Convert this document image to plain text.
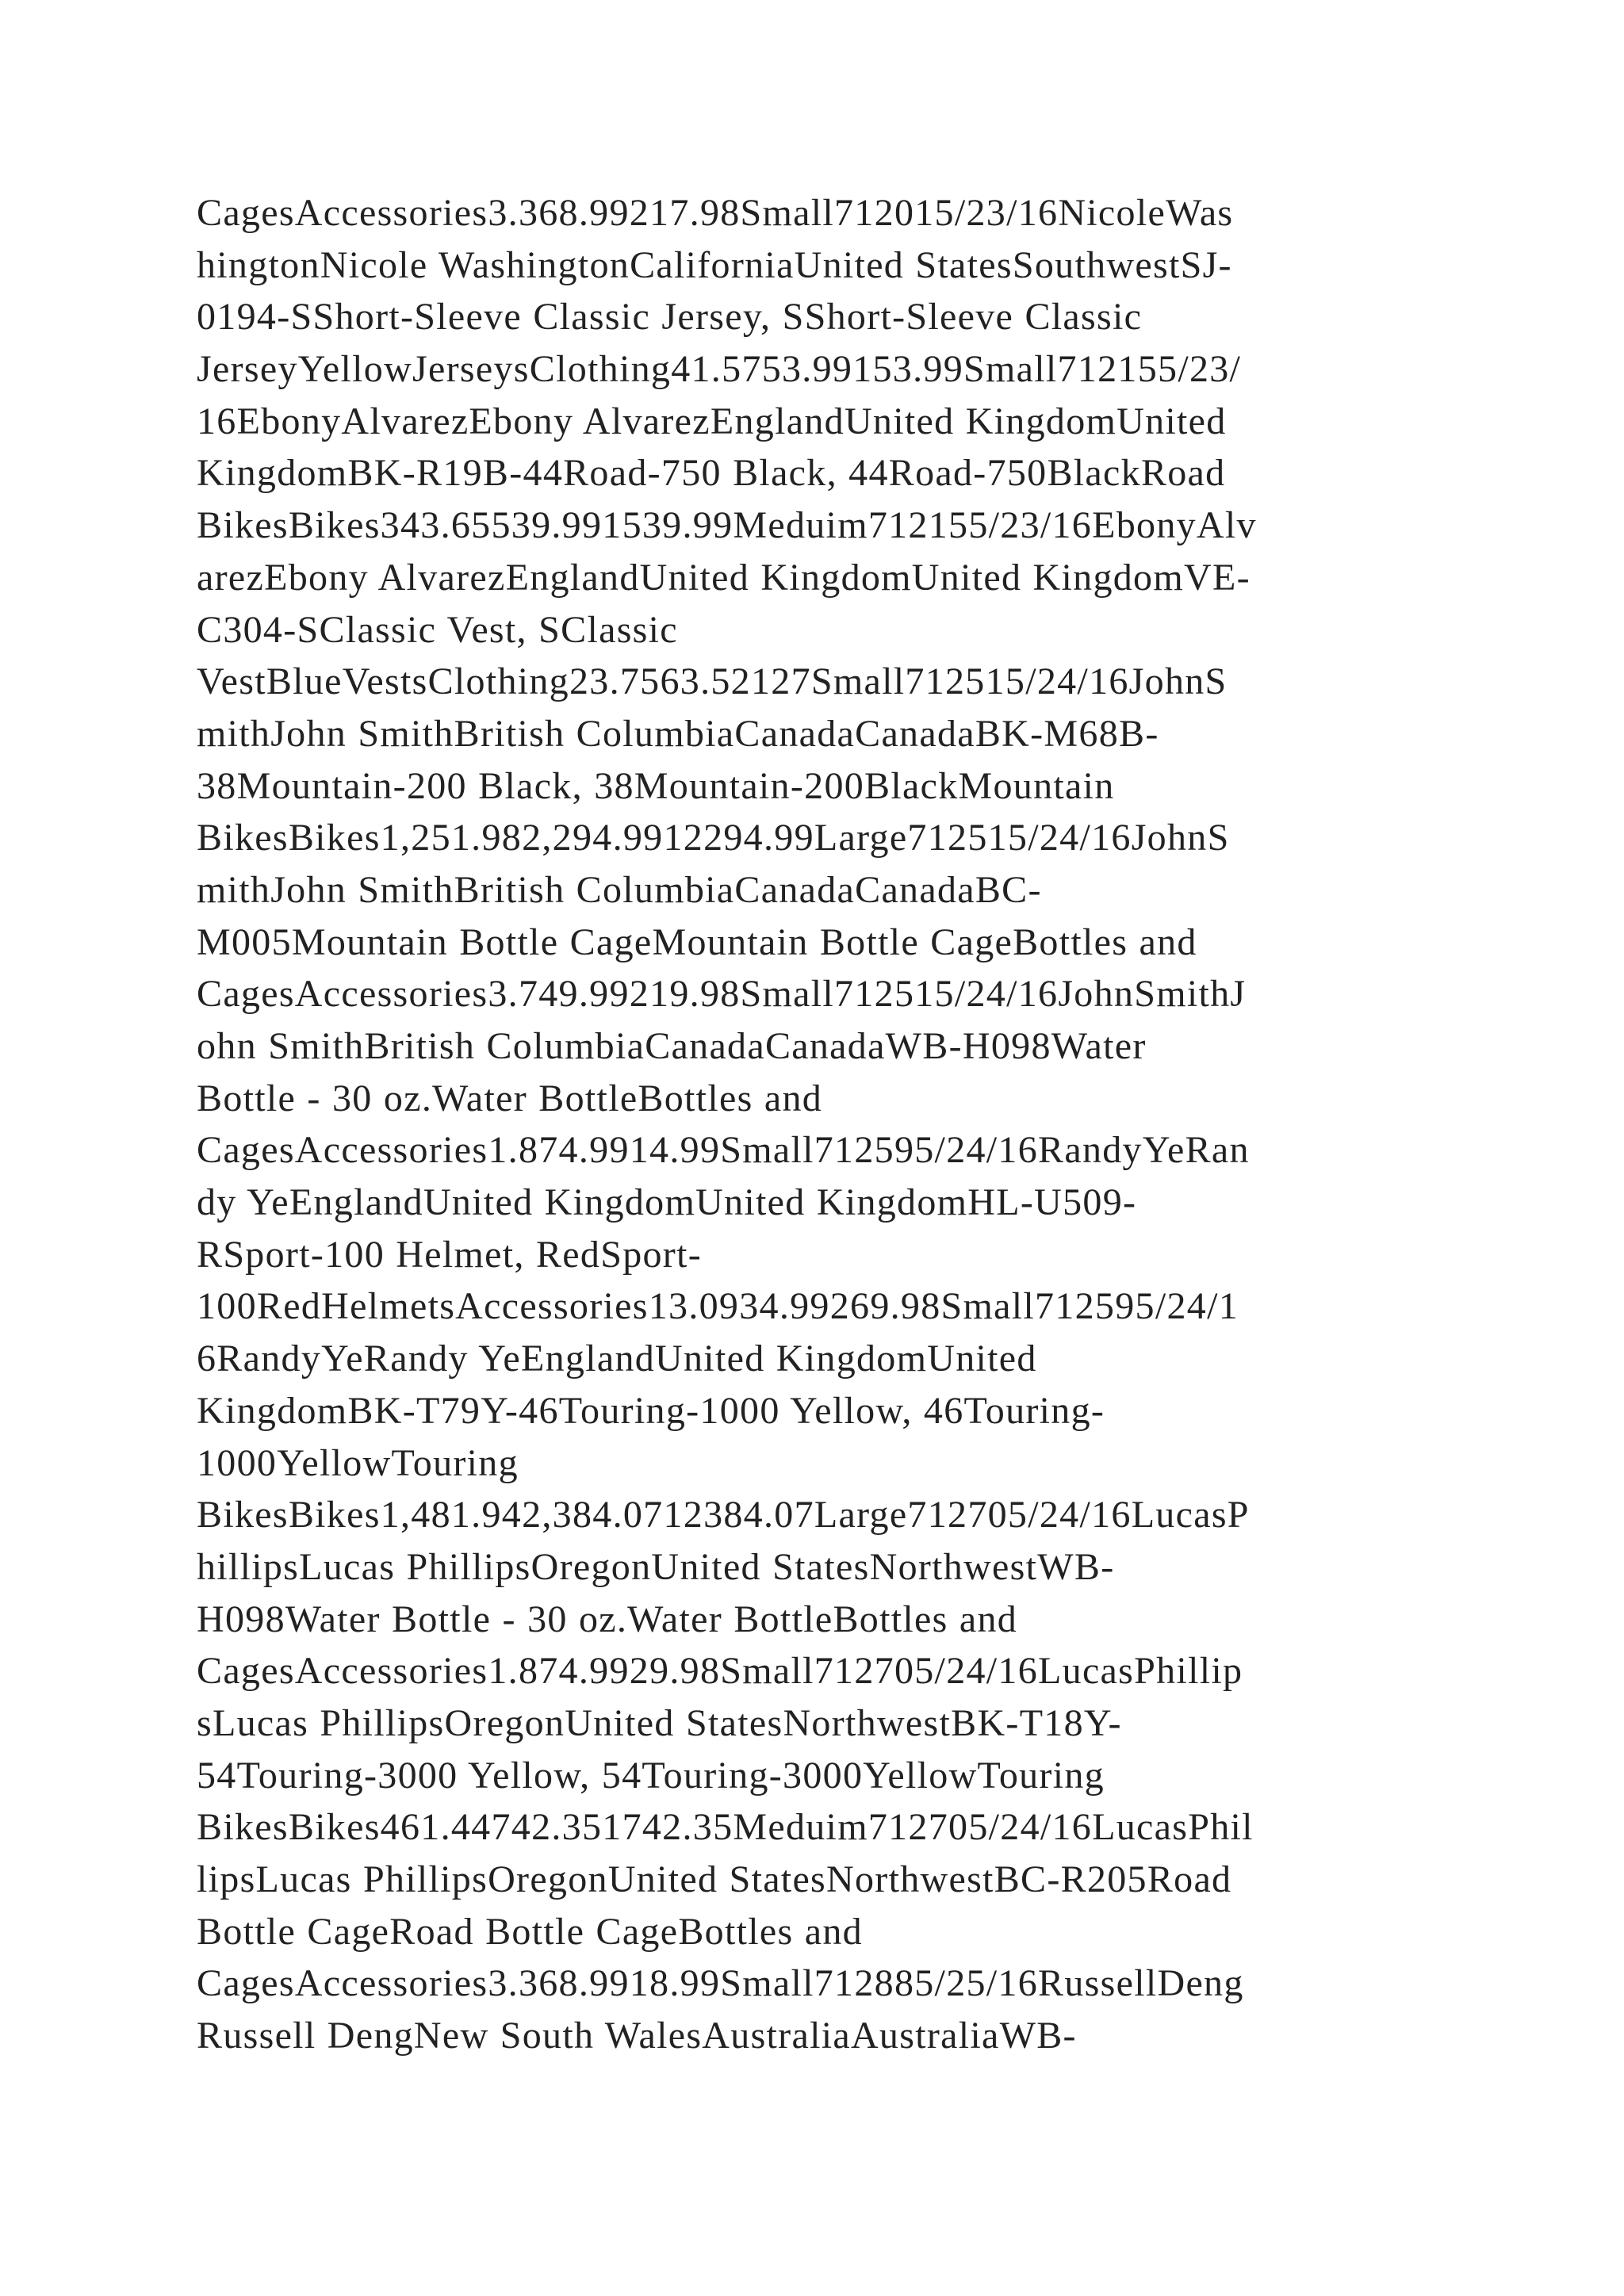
CagesAccessories3.368.99217.98Small712015/23/16NicoleWas
hingtonNicole WashingtonCaliforniaUnited StatesSouthwestSJ-
0194-SShort-Sleeve Classic Jersey, SShort-Sleeve Classic
JerseyYellowJerseysClothing41.5753.99153.99Small712155/23/
16EbonyAlvarezEbony AlvarezEnglandUnited KingdomUnited
KingdomBK-R19B-44Road-750 Black, 44Road-750BlackRoad
BikesBikes343.65539.991539.99Meduim712155/23/16EbonyAlv
arezEbony AlvarezEnglandUnited KingdomUnited KingdomVE-
C304-SClassic Vest, SClassic
VestBlueVestsClothing23.7563.52127Small712515/24/16JohnS
mithJohn SmithBritish ColumbiaCanadaCanadaBK-M68B-
38Mountain-200 Black, 38Mountain-200BlackMountain
BikesBikes1,251.982,294.9912294.99Large712515/24/16JohnS
mithJohn SmithBritish ColumbiaCanadaCanadaBC-
M005Mountain Bottle CageMountain Bottle CageBottles and
CagesAccessories3.749.99219.98Small712515/24/16JohnSmithJ
ohn SmithBritish ColumbiaCanadaCanadaWB-H098Water
Bottle - 30 oz.Water BottleBottles and
CagesAccessories1.874.9914.99Small712595/24/16RandyYeRan
dy YeEnglandUnited KingdomUnited KingdomHL-U509-
RSport-100 Helmet, RedSport-
100RedHelmetsAccessories13.0934.99269.98Small712595/24/1
6RandyYeRandy YeEnglandUnited KingdomUnited
KingdomBK-T79Y-46Touring-1000 Yellow, 46Touring-
1000YellowTouring
BikesBikes1,481.942,384.0712384.07Large712705/24/16LucasP
hillipsLucas PhillipsOregonUnited StatesNorthwestWB-
H098Water Bottle - 30 oz.Water BottleBottles and
CagesAccessories1.874.9929.98Small712705/24/16LucasPhillip
sLucas PhillipsOregonUnited StatesNorthwestBK-T18Y-
54Touring-3000 Yellow, 54Touring-3000YellowTouring
BikesBikes461.44742.351742.35Meduim712705/24/16LucasPhil
lipsLucas PhillipsOregonUnited StatesNorthwestBC-R205Road
Bottle CageRoad Bottle CageBottles and
CagesAccessories3.368.9918.99Small712885/25/16RussellDeng
Russell DengNew South WalesAustraliaAustraliaWB-
